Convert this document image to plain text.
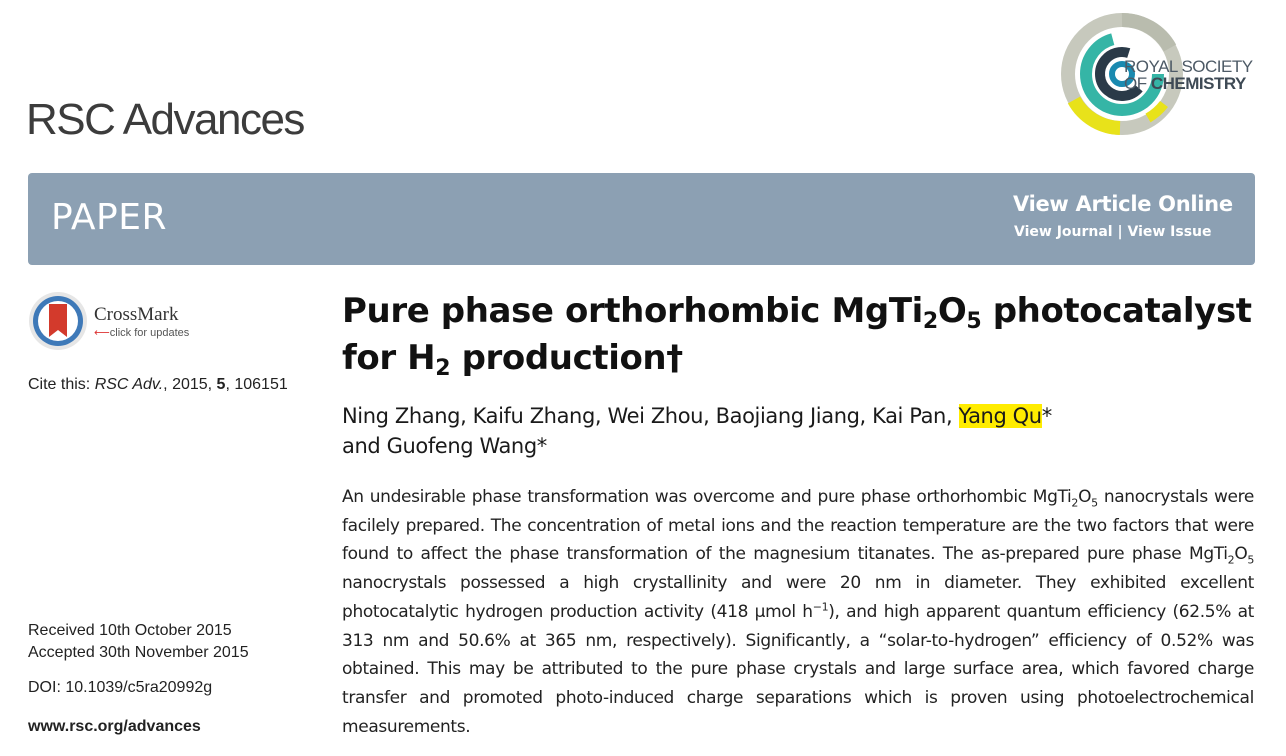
RSC Advances
ROYAL SOCIETY
OF CHEMISTRY
PAPER	View Article Online
View Journal | View Issue
CrossMark
⟵click for updates
Cite this: RSC Adv., 2015, 5, 106151
Received 10th October 2015
Accepted 30th November 2015
DOI: 10.1039/c5ra20992g
www.rsc.org/advances
Pure phase orthorhombic $MgTi_2O_5$ photocatalyst for $H_2$ production†
Ning Zhang, Kaifu Zhang, Wei Zhou, Baojiang Jiang, Kai Pan, Yang Qu*
and Guofeng Wang*
An undesirable phase transformation was overcome and pure phase orthorhombic $MgTi_2O_5$ nanocrystals were facilely prepared. The concentration of metal ions and the reaction temperature are the two factors that were found to affect the phase transformation of the magnesium titanates. The as-prepared pure phase $MgTi_2O_5$ nanocrystals possessed a high crystallinity and were 20 nm in diameter. They exhibited excellent photocatalytic hydrogen production activity (418 μmol $h^{-1}$), and high apparent quantum efficiency (62.5% at 313 nm and 50.6% at 365 nm, respectively). Significantly, a “solar-to-hydrogen” efficiency of 0.52% was obtained. This may be attributed to the pure phase crystals and large surface area, which favored charge transfer and promoted photo-induced charge separations which is proven using photoelectrochemical measurements.
